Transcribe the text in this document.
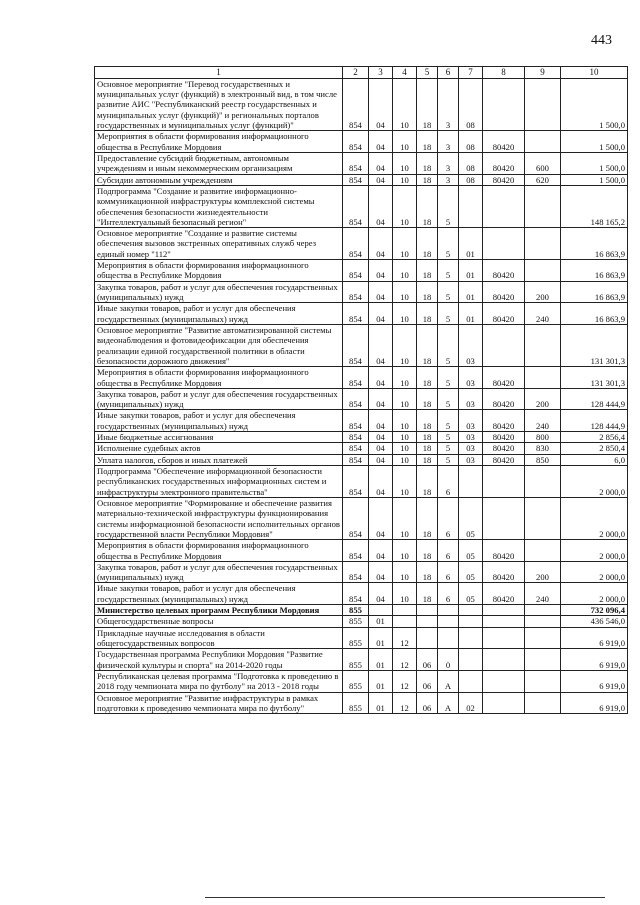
443
1	2	3	4	5	6	7	8	9	10
Основное мероприятие "Перевод государственных и муниципальных услуг (функций) в электронный вид, в том числе развитие АИС "Республиканский реестр государственных и муниципальных услуг (функций)" и региональных порталов государственных и муниципальных услуг (функций)"	854	04	10	18	3	08			1 500,0
Мероприятия в области формирования информационного общества в Республике Мордовия	854	04	10	18	3	08	80420		1 500,0
Предоставление субсидий бюджетным, автономным учреждениям и иным некоммерческим организациям	854	04	10	18	3	08	80420	600	1 500,0
Субсидии автономным учреждениям	854	04	10	18	3	08	80420	620	1 500,0
Подпрограмма "Создание и развитие информационно-коммуникационной инфраструктуры комплексной системы обеспечения безопасности жизнедеятельности "Интеллектуальный безопасный регион"	854	04	10	18	5				148 165,2
Основное мероприятие "Создание и развитие системы обеспечения вызовов экстренных оперативных служб через единый номер "112"	854	04	10	18	5	01			16 863,9
Мероприятия в области формирования информационного общества в Республике Мордовия	854	04	10	18	5	01	80420		16 863,9
Закупка товаров, работ и услуг для обеспечения государственных (муниципальных) нужд	854	04	10	18	5	01	80420	200	16 863,9
Иные закупки товаров, работ и услуг для обеспечения государственных (муниципальных) нужд	854	04	10	18	5	01	80420	240	16 863,9
Основное мероприятие "Развитие автоматизированной системы видеонаблюдения и фотовидеофиксации для обеспечения реализации единой государственной политики в области безопасности дорожного движения"	854	04	10	18	5	03			131 301,3
Мероприятия в области формирования информационного общества в Республике Мордовия	854	04	10	18	5	03	80420		131 301,3
Закупка товаров, работ и услуг для обеспечения государственных (муниципальных) нужд	854	04	10	18	5	03	80420	200	128 444,9
Иные закупки товаров, работ и услуг для обеспечения государственных (муниципальных) нужд	854	04	10	18	5	03	80420	240	128 444,9
Иные бюджетные ассигнования	854	04	10	18	5	03	80420	800	2 856,4
Исполнение судебных актов	854	04	10	18	5	03	80420	830	2 850,4
Уплата налогов, сборов и иных платежей	854	04	10	18	5	03	80420	850	6,0
Подпрограмма "Обеспечение информационной безопасности республиканских государственных информационных систем и инфраструктуры электронного правительства"	854	04	10	18	6				2 000,0
Основное мероприятие "Формирование и обеспечение развития материально-технической инфраструктуры функционирования системы информационной безопасности исполнительных органов государственной власти Республики Мордовия"	854	04	10	18	6	05			2 000,0
Мероприятия в области формирования информационного общества в Республике Мордовия	854	04	10	18	6	05	80420		2 000,0
Закупка товаров, работ и услуг для обеспечения государственных (муниципальных) нужд	854	04	10	18	6	05	80420	200	2 000,0
Иные закупки товаров, работ и услуг для обеспечения государственных (муниципальных) нужд	854	04	10	18	6	05	80420	240	2 000,0
Министерство целевых программ Республики Мордовия	855								732 096,4
Общегосударственные вопросы	855	01							436 546,0
Прикладные научные исследования в области общегосударственных вопросов	855	01	12						6 919,0
Государственная программа Республики Мордовия "Развитие физической культуры и спорта" на 2014-2020 годы	855	01	12	06	0				6 919,0
Республиканская целевая программа "Подготовка к проведению в 2018 году чемпионата мира по футболу" на 2013 - 2018 годы	855	01	12	06	А				6 919,0
Основное мероприятие "Развитие инфраструктуры в рамках подготовки к проведению чемпионата мира по футболу"	855	01	12	06	А	02			6 919,0
